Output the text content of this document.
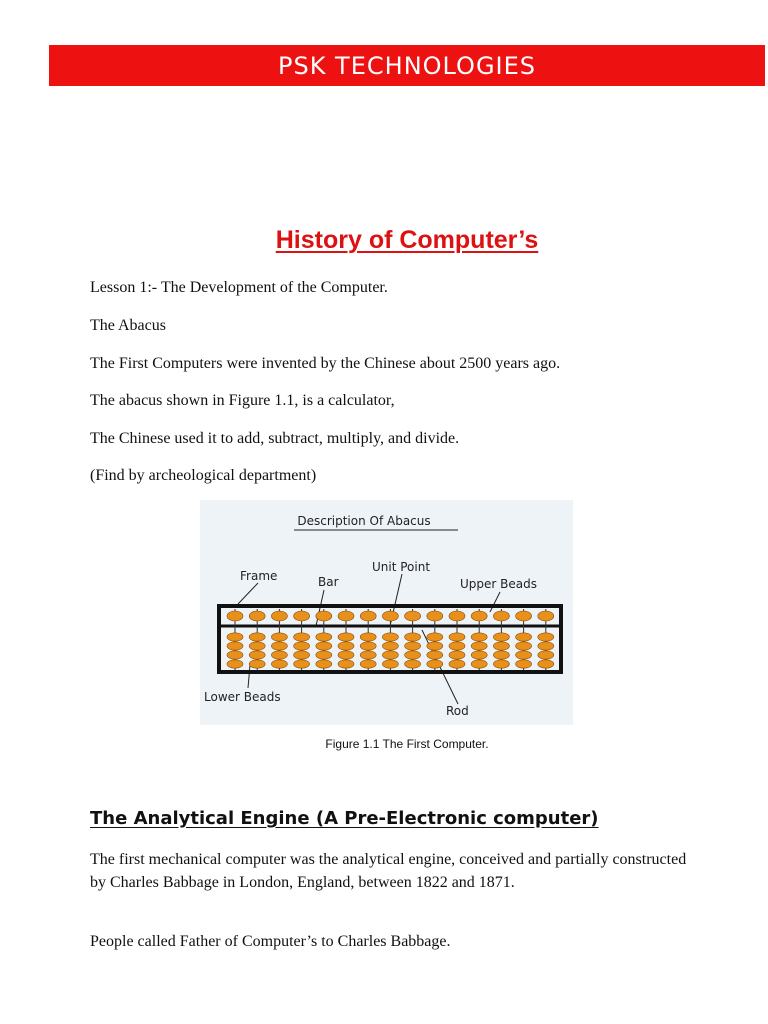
PSK TECHNOLOGIES
History of Computer’s

Lesson 1:- The Development of the Computer.

The Abacus

The First Computers were invented by the Chinese about 2500 years ago.

The abacus shown in Figure 1.1, is a calculator,

The Chinese used it to add, subtract, multiply, and divide.

(Find by archeological department)

Description Of Abacus
Frame	Bar
Unit Point
Upper Beads
Lower Beads
Rod

Figure 1.1 The First Computer.

The Analytical Engine (A Pre-Electronic computer)

The first mechanical computer was the analytical engine, conceived and partially constructed by Charles Babbage in London, England, between 1822 and 1871.

People called Father of Computer’s to Charles Babbage.
